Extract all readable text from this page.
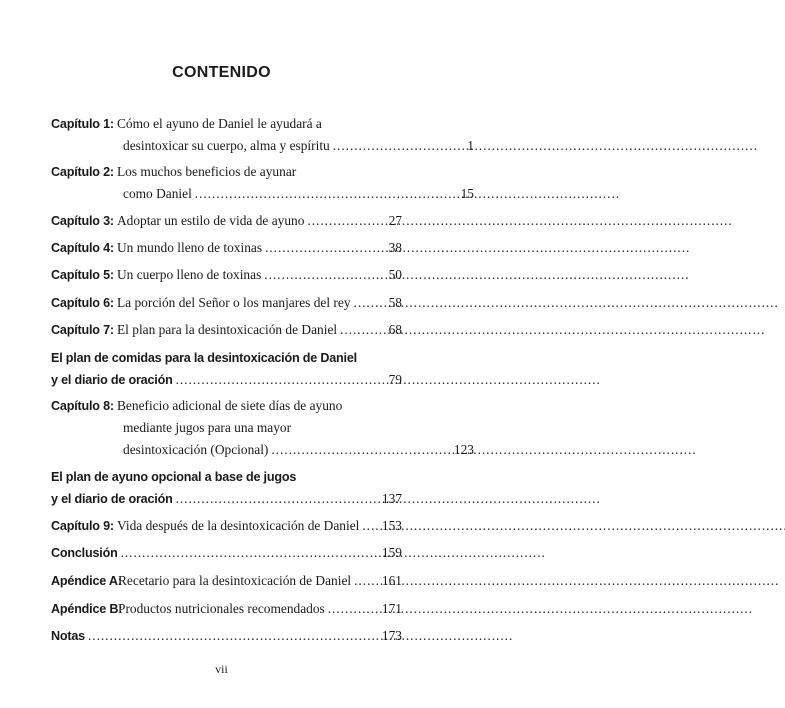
CONTENIDO
Capítulo 1: Cómo el ayuno de Daniel le ayudará a
desintoxicar su cuerpo, alma y espíritu . . .	1
Capítulo 2: Los muchos beneficios de ayunar
como Daniel . . .	15
Capítulo 3: Adoptar un estilo de vida de ayuno . . .	27
Capítulo 4: Un mundo lleno de toxinas . . .	38
Capítulo 5: Un cuerpo lleno de toxinas . . .	50
Capítulo 6: La porción del Señor o los manjares del rey . . .	58
Capítulo 7: El plan para la desintoxicación de Daniel . . .	68
El plan de comidas para la desintoxicación de Daniel
y el diario de oración . . .	79
Capítulo 8: Beneficio adicional de siete días de ayuno
mediante jugos para una mayor
desintoxicación (Opcional) . . .	123
El plan de ayuno opcional a base de jugos
y el diario de oración . . .	137
Capítulo 9: Vida después de la desintoxicación de Daniel . . . 153
Conclusión . . .	159
Apéndice A:
Recetario para la desintoxicación de Daniel . . . 161
Apéndice B:
Productos nutricionales recomendados . . .	171
Notas . . .	173
vii
